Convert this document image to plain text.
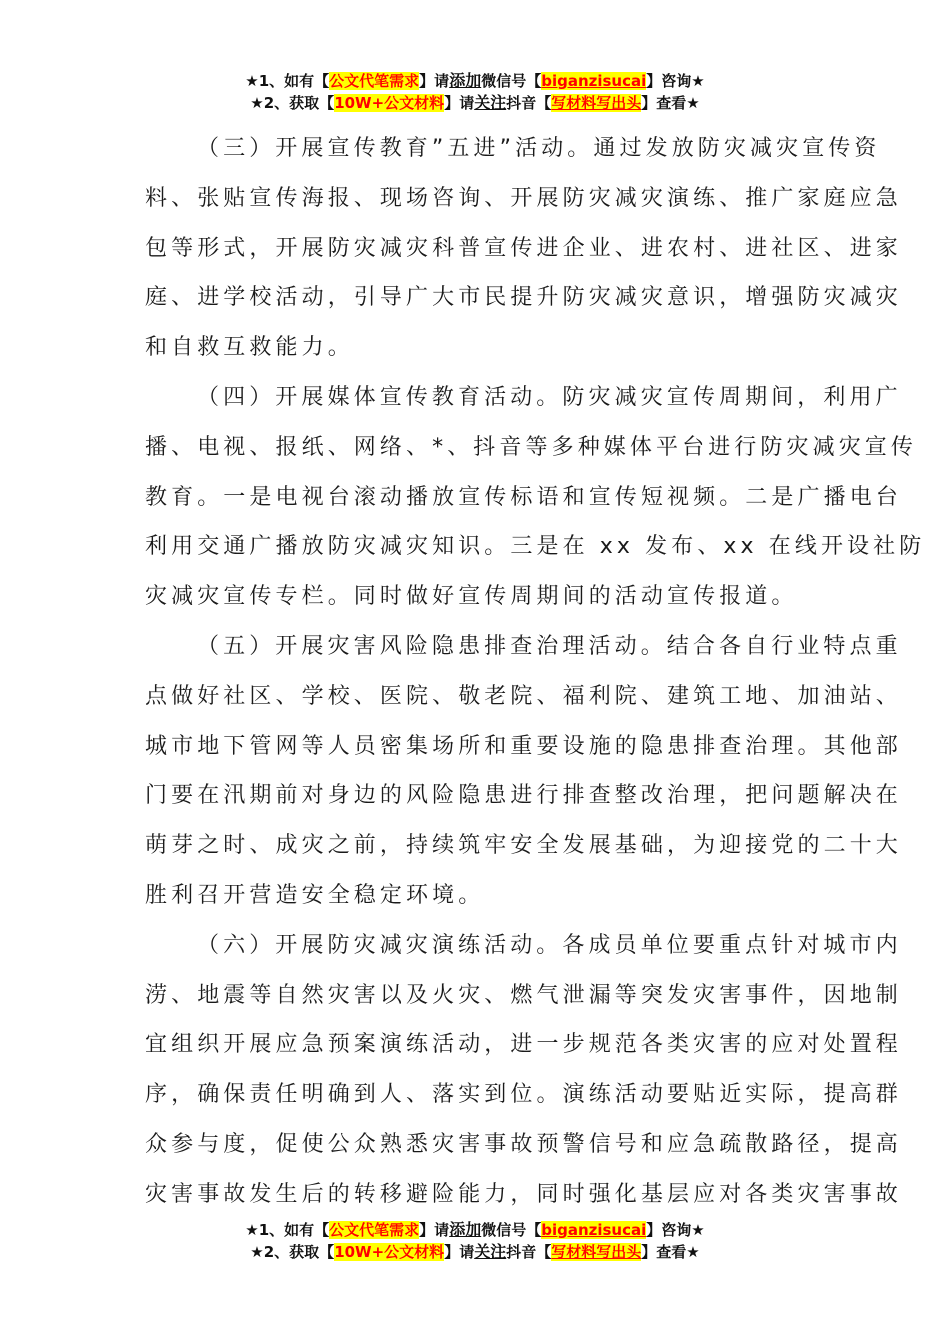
★1、如有【公文代笔需求】请添加微信号【biganzisucai】咨询★
★2、获取【10W+公文材料】请关注抖音【写材料写出头】查看★
（三）开展宣传教育”五进”活动。通过发放防灾减灾宣传资
料、张贴宣传海报、现场咨询、开展防灾减灾演练、推广家庭应急
包等形式，开展防灾减灾科普宣传进企业、进农村、进社区、进家
庭、进学校活动，引导广大市民提升防灾减灾意识，增强防灾减灾
和自救互救能力。
（四）开展媒体宣传教育活动。防灾减灾宣传周期间，利用广
播、电视、报纸、网络、*、抖音等多种媒体平台进行防灾减灾宣传
教育。一是电视台滚动播放宣传标语和宣传短视频。二是广播电台
利用交通广播放防灾减灾知识。三是在 xx 发布、xx 在线开设社防
灾减灾宣传专栏。同时做好宣传周期间的活动宣传报道。
（五）开展灾害风险隐患排查治理活动。结合各自行业特点重
点做好社区、学校、医院、敬老院、福利院、建筑工地、加油站、
城市地下管网等人员密集场所和重要设施的隐患排查治理。其他部
门要在汛期前对身边的风险隐患进行排查整改治理，把问题解决在
萌芽之时、成灾之前，持续筑牢安全发展基础，为迎接党的二十大
胜利召开营造安全稳定环境。
（六）开展防灾减灾演练活动。各成员单位要重点针对城市内
涝、地震等自然灾害以及火灾、燃气泄漏等突发灾害事件，因地制
宜组织开展应急预案演练活动，进一步规范各类灾害的应对处置程
序，确保责任明确到人、落实到位。演练活动要贴近实际，提高群
众参与度，促使公众熟悉灾害事故预警信号和应急疏散路径，提高
灾害事故发生后的转移避险能力，同时强化基层应对各类灾害事故
★1、如有【公文代笔需求】请添加微信号【biganzisucai】咨询★
★2、获取【10W+公文材料】请关注抖音【写材料写出头】查看★
